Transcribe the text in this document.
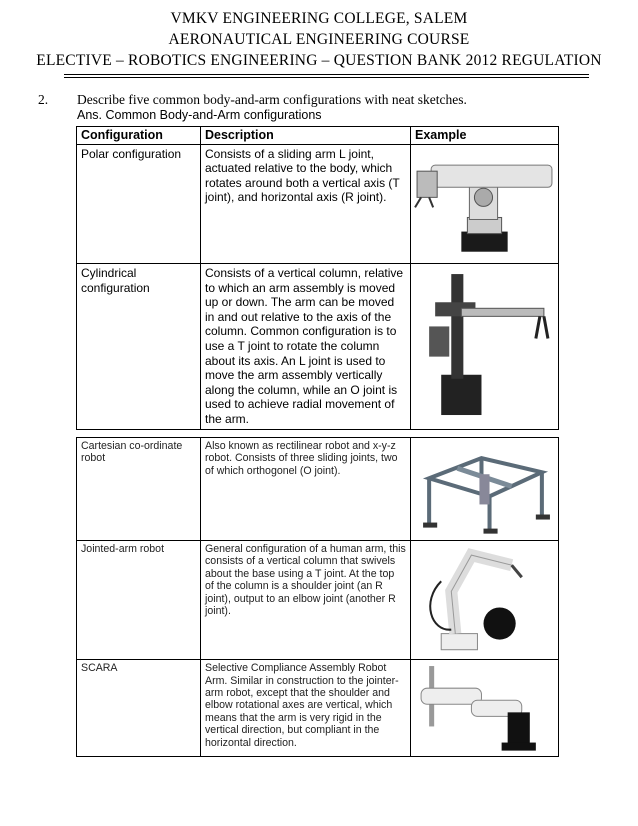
VMKV ENGINEERING COLLEGE, SALEM
AERONAUTICAL ENGINEERING COURSE
ELECTIVE – ROBOTICS ENGINEERING – QUESTION BANK 2012 REGULATION
2. Describe five common body-and-arm configurations with neat sketches.
Ans. Common Body-and-Arm configurations
Configuration	Description	Example
Polar configuration	Consists of a sliding arm L joint, actuated relative to the body, which rotates around both a vertical axis (T joint), and horizontal axis (R joint).	
Cylindrical configuration	Consists of a vertical column, relative to which an arm assembly is moved up or down. The arm can be moved in and out relative to the axis of the column. Common configuration is to use a T joint to rotate the column about its axis. An L joint is used to move the arm assembly vertically along the column, while an O joint is used to achieve radial movement of the arm.	
Cartesian co-ordinate robot	Also known as rectilinear robot and x-y-z robot. Consists of three sliding joints, two of which orthogonel (O joint).	
Jointed-arm robot	General configuration of a human arm, this consists of a vertical column that swivels about the base using a T joint. At the top of the column is a shoulder joint (an R joint), output to an elbow joint (another R joint).	
SCARA	Selective Compliance Assembly Robot Arm. Similar in construction to the jointer-arm robot, except that the shoulder and elbow rotational axes are vertical, which means that the arm is very rigid in the vertical direction, but compliant in the horizontal direction.	
